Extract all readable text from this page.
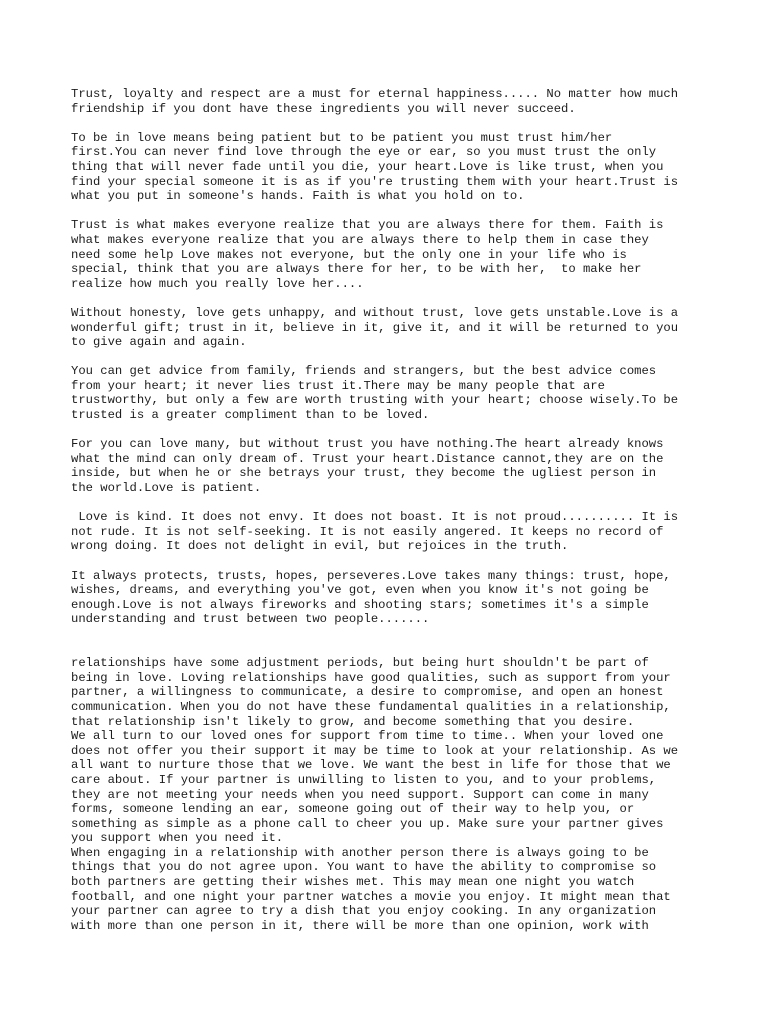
Trust, loyalty and respect are a must for eternal happiness..... No matter how much
friendship if you dont have these ingredients you will never succeed.

To be in love means being patient but to be patient you must trust him/her
first.You can never find love through the eye or ear, so you must trust the only
thing that will never fade until you die, your heart.Love is like trust, when you
find your special someone it is as if you're trusting them with your heart.Trust is
what you put in someone's hands. Faith is what you hold on to.

Trust is what makes everyone realize that you are always there for them. Faith is
what makes everyone realize that you are always there to help them in case they
need some help Love makes not everyone, but the only one in your life who is
special, think that you are always there for her, to be with her,  to make her
realize how much you really love her....

Without honesty, love gets unhappy, and without trust, love gets unstable.Love is a
wonderful gift; trust in it, believe in it, give it, and it will be returned to you
to give again and again.

You can get advice from family, friends and strangers, but the best advice comes
from your heart; it never lies trust it.There may be many people that are
trustworthy, but only a few are worth trusting with your heart; choose wisely.To be
trusted is a greater compliment than to be loved.

For you can love many, but without trust you have nothing.The heart already knows
what the mind can only dream of. Trust your heart.Distance cannot,they are on the
inside, but when he or she betrays your trust, they become the ugliest person in
the world.Love is patient.

Love is kind. It does not envy. It does not boast. It is not proud.......... It is
not rude. It is not self-seeking. It is not easily angered. It keeps no record of
wrong doing. It does not delight in evil, but rejoices in the truth.

It always protects, trusts, hopes, perseveres.Love takes many things: trust, hope,
wishes, dreams, and everything you've got, even when you know it's not going be
enough.Love is not always fireworks and shooting stars; sometimes it's a simple
understanding and trust between two people.......

relationships have some adjustment periods, but being hurt shouldn't be part of
being in love. Loving relationships have good qualities, such as support from your
partner, a willingness to communicate, a desire to compromise, and open an honest
communication. When you do not have these fundamental qualities in a relationship,
that relationship isn't likely to grow, and become something that you desire.
We all turn to our loved ones for support from time to time.. When your loved one
does not offer you their support it may be time to look at your relationship. As we
all want to nurture those that we love. We want the best in life for those that we
care about. If your partner is unwilling to listen to you, and to your problems,
they are not meeting your needs when you need support. Support can come in many
forms, someone lending an ear, someone going out of their way to help you, or
something as simple as a phone call to cheer you up. Make sure your partner gives
you support when you need it.
When engaging in a relationship with another person there is always going to be
things that you do not agree upon. You want to have the ability to compromise so
both partners are getting their wishes met. This may mean one night you watch
football, and one night your partner watches a movie you enjoy. It might mean that
your partner can agree to try a dish that you enjoy cooking. In any organization
with more than one person in it, there will be more than one opinion, work with
